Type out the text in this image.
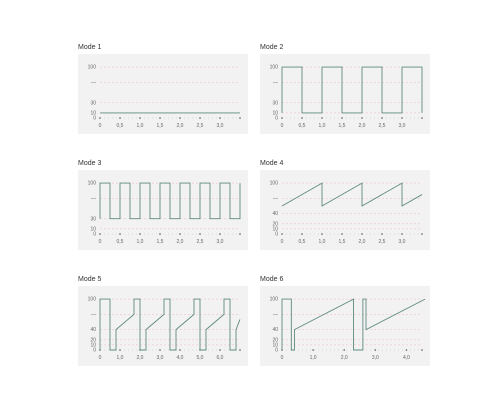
Mode 1
0
10
30
100
—
0	0,5	1,0	1,5	2,0	2,5	3,0
Mode 2
0
10
30
100
—
0	0,5	1,0	1,5	2,0	2,5	3,0
Mode 3
0
10
30
100
—
0	0,5	1,0	1,5	2,0	2,5	3,0
Mode 4
0
10
20
40
100
—
0	0,5	1,0	1,5	2,0	2,5	3,0
Mode 5
0
10
20
40
100
—
0	1,0	2,0	3,0	4,0	5,0	6,0
Mode 6
0
10
20
40
100
—
0	1,0	2,0	3,0	4,0
